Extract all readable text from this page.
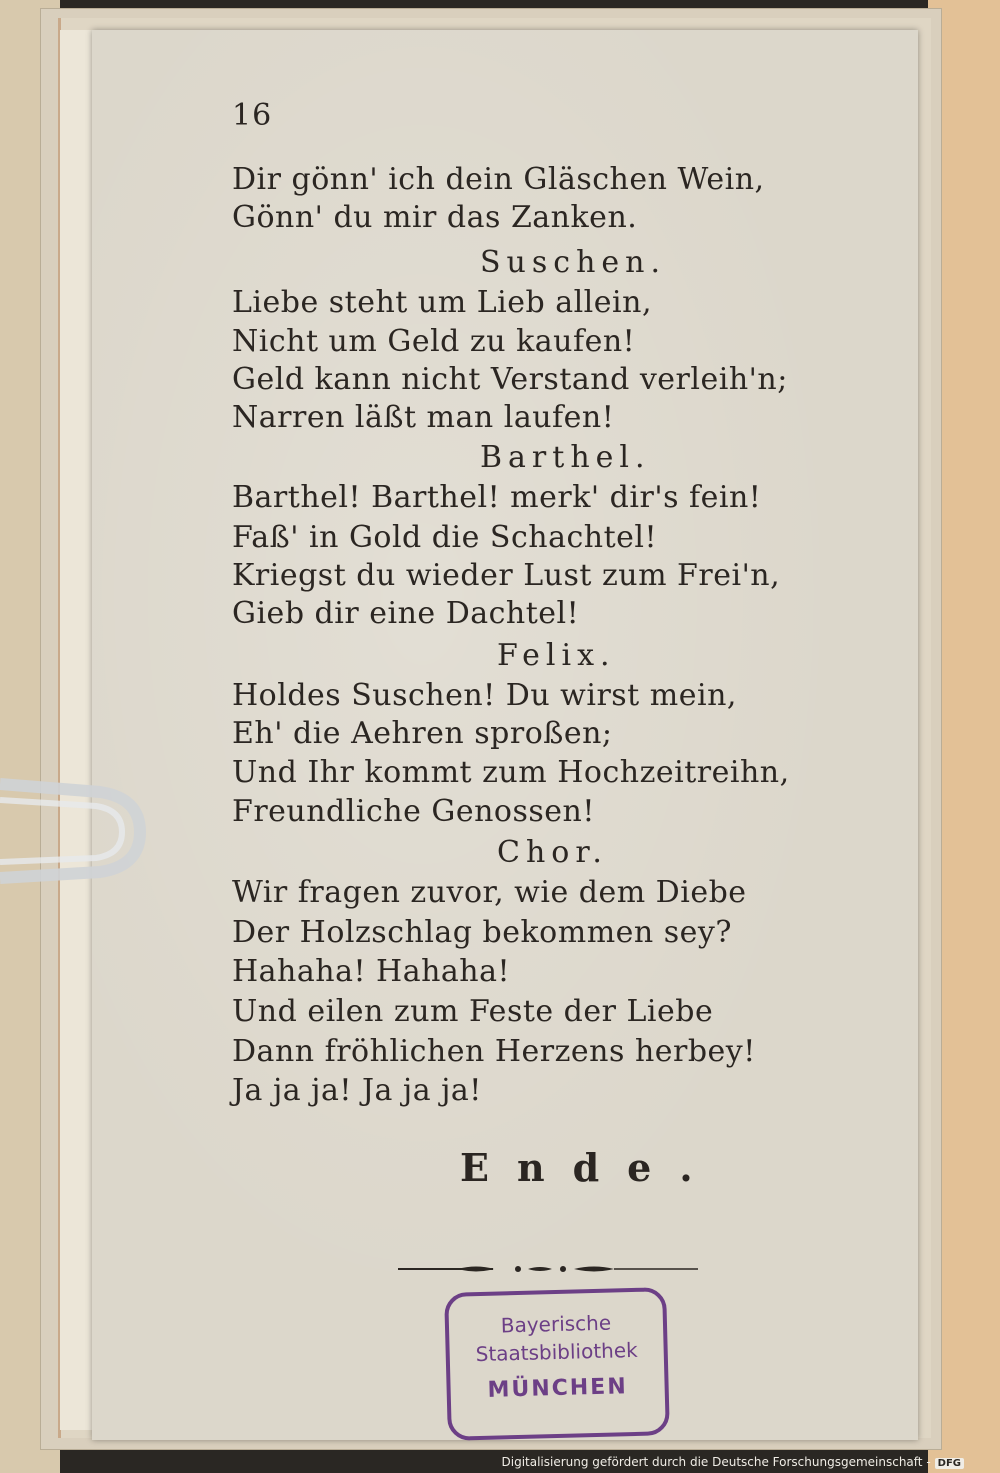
16
Dir gönn' ich dein Gläschen Wein,
Gönn' du mir das Zanken.
Suschen.
Liebe steht um Lieb allein,
Nicht um Geld zu kaufen!
Geld kann nicht Verstand verleih'n;
Narren läßt man laufen!
Barthel.
Barthel! Barthel! merk' dir's fein!
Faß' in Gold die Schachtel!
Kriegst du wieder Lust zum Frei'n,
Gieb dir eine Dachtel!
Felix.
Holdes Suschen! Du wirst mein,
Eh' die Aehren sproßen;
Und Ihr kommt zum Hochzeitreihn,
Freundliche Genossen!
Chor.
Wir fragen zuvor, wie dem Diebe
Der Holzschlag bekommen sey?
Hahaha! Hahaha!
Und eilen zum Feste der Liebe
Dann fröhlichen Herzens herbey!
Ja ja ja! Ja ja ja!
Ende.
Bayerische
Staatsbibliothek
MÜNCHEN
Digitalisierung gefördert durch die Deutsche Forschungsgemeinschaft - DFG
